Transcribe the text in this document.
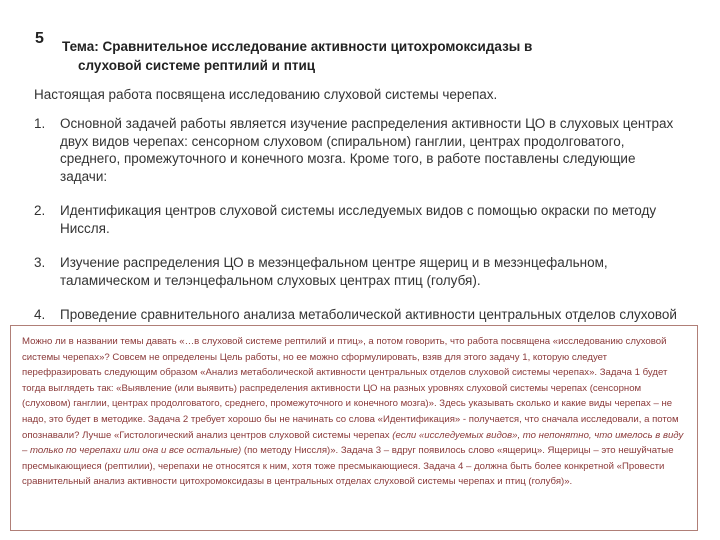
5 Тема: Сравнительное исследование активности цитохромоксидазы в
слуховой системе рептилий и птиц
Настоящая работа посвящена исследованию слуховой системы черепах.
1.	Основной задачей работы является изучение распределения активности ЦО в слуховых центрах двух видов черепах: сенсорном слуховом (спиральном) ганглии, центрах продолговатого, среднего, промежуточного и конечного мозга. Кроме того, в работе поставлены следующие задачи:
2.	Идентификация центров слуховой системы исследуемых видов с помощью окраски по методу Ниссля.
3.	Изучение распределения ЦО в мезэнцефальном центре ящериц и в мезэнцефальном, таламическом и телэнцефальном слуховых центрах птиц (голубя).
4.	Проведение сравнительного анализа метаболической активности центральных отделов слуховой
Можно ли в названии темы давать «…в слуховой системе рептилий и птиц», а потом говорить, что работа посвящена «исследованию слуховой системы черепах»? Совсем не определены Цель работы, но ее можно сформулировать, взяв для этого задачу 1, которую следует перефразировать следующим образом «Анализ метаболической активности центральных отделов слуховой системы черепах». Задача 1 будет тогда выглядеть так: «Выявление (или выявить) распределения активности ЦО на разных уровнях слуховой системы черепах (сенсорном (слуховом) ганглии, центрах продолговатого, среднего, промежуточного и конечного мозга)». Здесь указывать сколько и какие виды черепах – не надо, это будет в методике. Задача 2 требует хорошо бы не начинать со слова «Идентификация» - получается, что сначала исследовали, а потом опознавали? Лучше «Гистологический анализ центров слуховой системы черепах (если «исследуемых видов», то непонятно, что имелось в виду – только по черепахи или она и все остальные) (по методу Ниссля)». Задача 3 – вдруг появилось слово «ящериц». Ящерицы – это нешуйчатые пресмыкающиеся (рептилии), черепахи не относятся к ним, хотя тоже пресмыкающиеся. Задача 4 – должна быть более конкретной «Провести сравнительный анализ активности цитохромоксидазы в центральных отделах слуховой системы черепах и птиц (голубя)».
